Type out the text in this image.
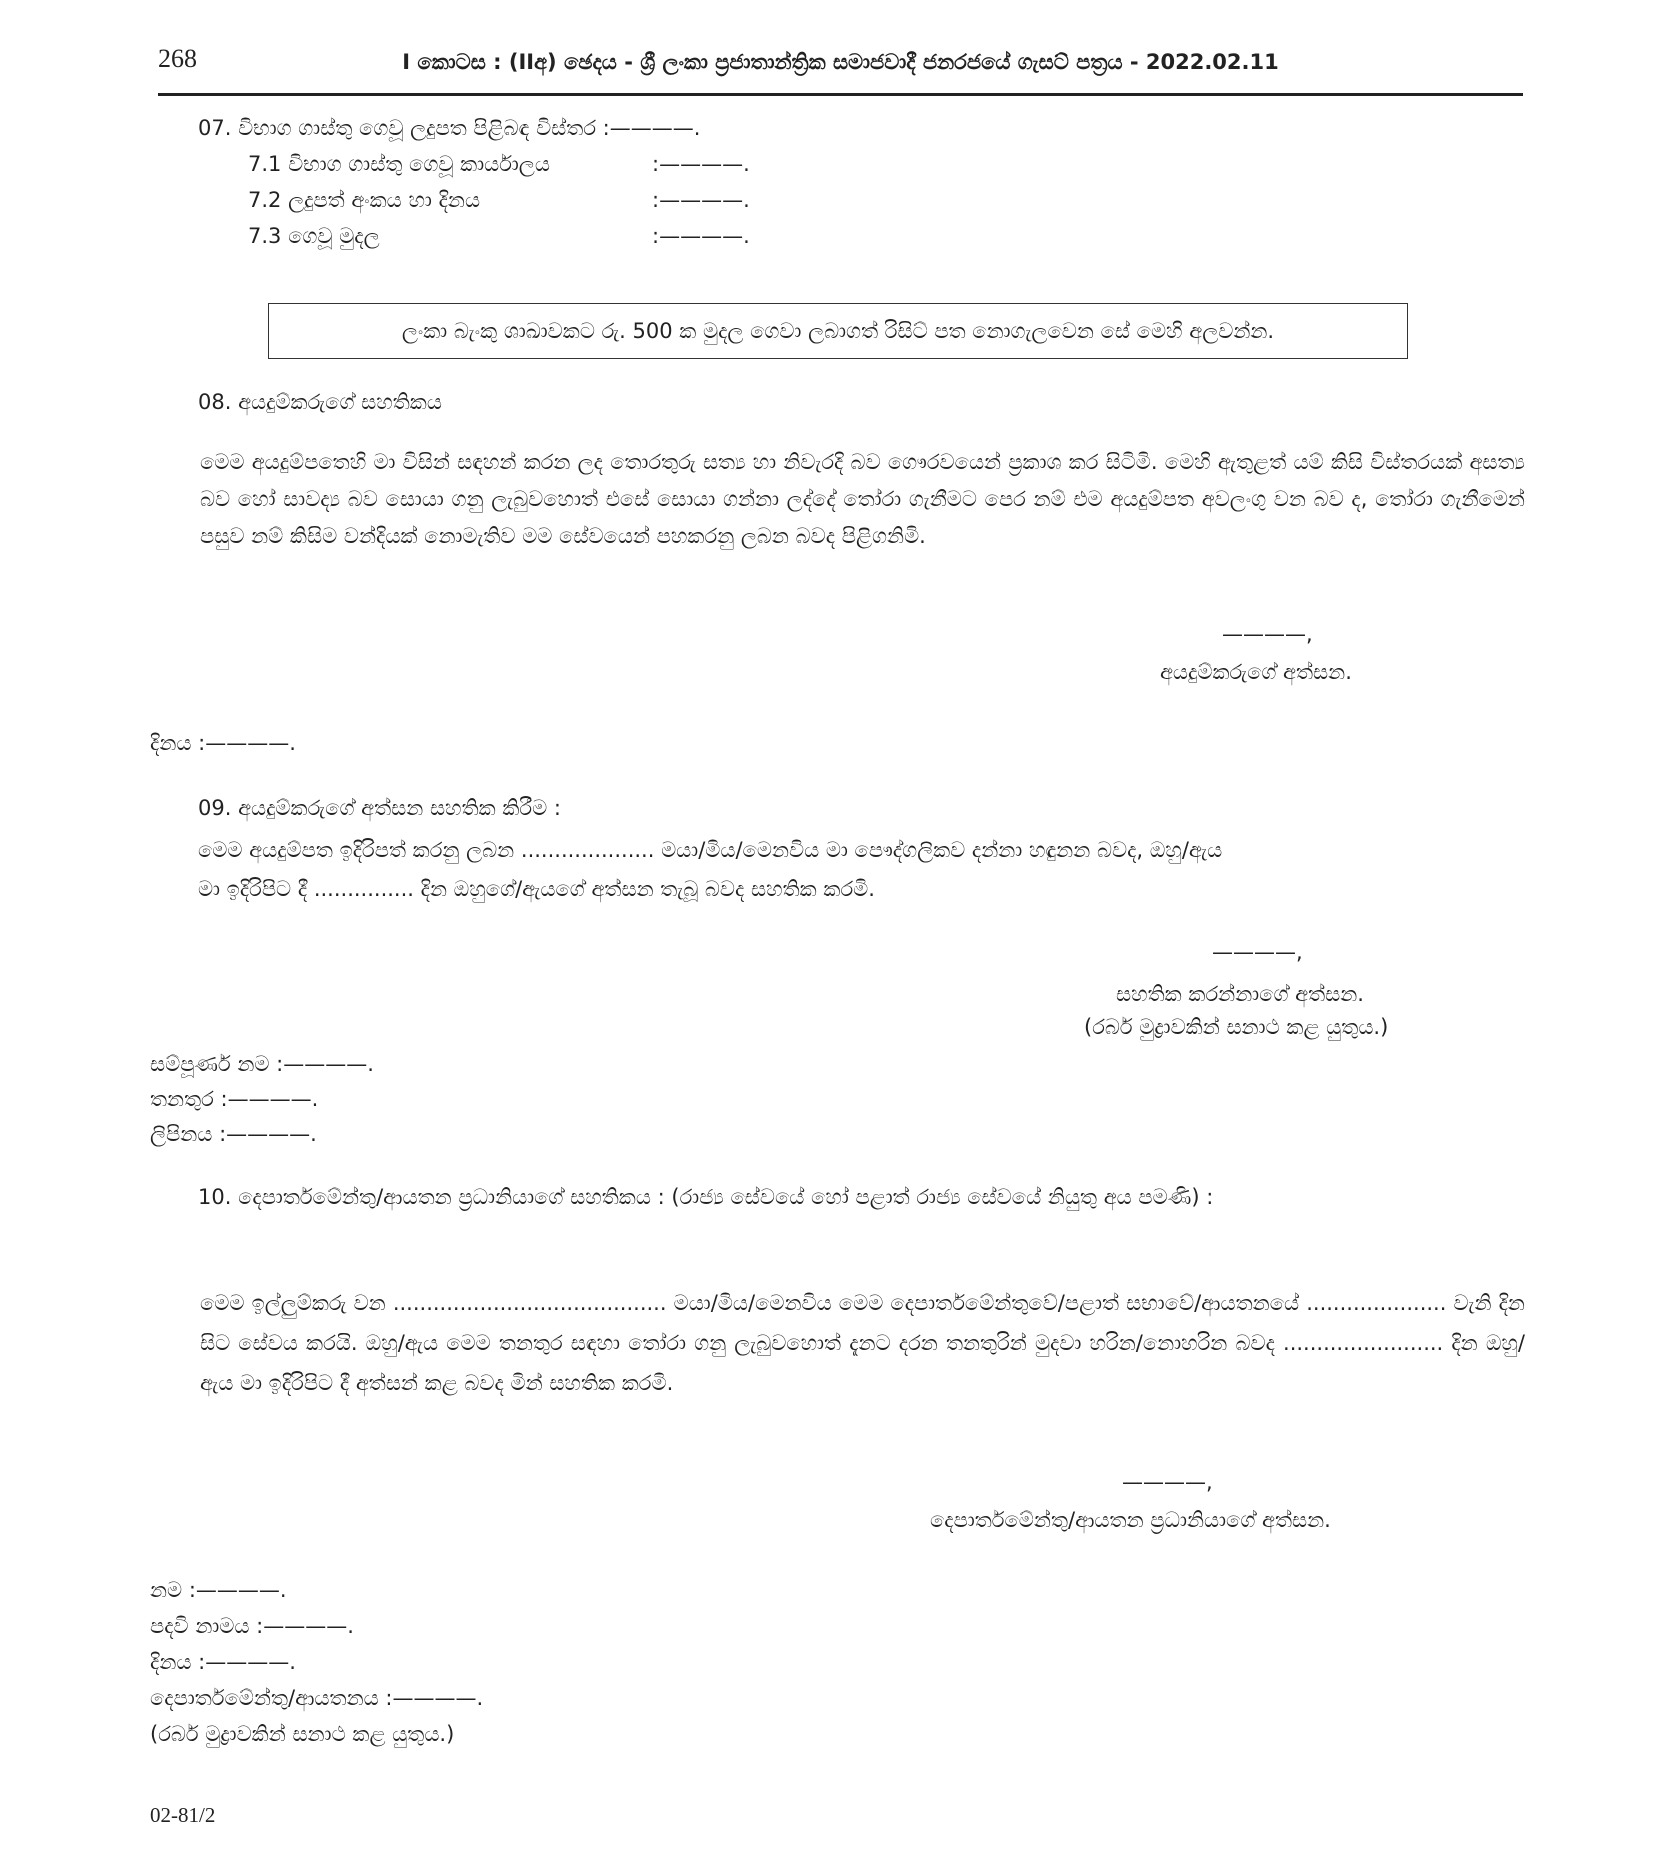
268	I කොටස : (IIඅ) ඡෙදය - ශ්‍රී ලංකා ප්‍රජාතාන්ත්‍රික සමාජවාදී ජනරජයේ ගැසට් පත්‍රය - 2022.02.11
07. විභාග ගාස්තු ගෙවූ ලදුපත පිළිබඳ විස්තර :————.
7.1 විභාග ගාස්තු ගෙවූ කාර්යාලය	:————.
7.2 ලදුපත් අංකය හා දිනය	:————.
7.3 ගෙවූ මුදල	:————.
ලංකා බැංකු ශාඛාවකට රු. 500 ක මුදල ගෙවා ලබාගත් රිසිට් පත නොගැලවෙන සේ මෙහි අලවන්න.
08. අයදුම්කරුගේ සහතිකය
මෙම අයදුම්පතෙහි මා විසින් සඳහන් කරන ලද තොරතුරු සත්‍ය හා නිවැරදි බව ගෞරවයෙන් ප්‍රකාශ කර සිටිමි. මෙහි ඇතුළත් යම් කිසි විස්තරයක් අසත්‍ය බව හෝ සාවද්‍ය බව සොයා ගනු ලැබුවහොත් එසේ සොයා ගන්නා ලද්දේ තෝරා ගැනීමට පෙර නම් එම අයදුම්පත අවලංගු වන බව ද, තෝරා ගැනීමෙන් පසුව නම් කිසිම වන්දියක් නොමැතිව මම සේවයෙන් පහකරනු ලබන බවද පිළිගනිමි.
————,
අයදුම්කරුගේ අත්සන.
දිනය :————.
09. අයදුම්කරුගේ අත්සන සහතික කිරීම :
මෙම අයදුම්පත ඉදිරිපත් කරනු ලබන .................... මයා/මිය/මෙනවිය මා පෞද්ගලිකව දන්නා හඳුනන බවද, ඔහු/ඇය
මා ඉදිරිපිට දී ............... දින ඔහුගේ/ඇයගේ අත්සන තැබූ බවද සහතික කරමි.
————,
සහතික කරන්නාගේ අත්සන.
(රබර් මුද්‍රාවකින් සනාථ කළ යුතුය.)
සම්පූර්ණ නම :————.
තනතුර :————.
ලිපිනය :————.
10. දෙපාර්තමේන්තු/ආයතන ප්‍රධානියාගේ සහතිකය : (රාජ්‍ය සේවයේ හෝ පළාත් රාජ්‍ය සේවයේ නියුතු අය පමණි) :
මෙම ඉල්ලුම්කරු වන ......................................... මයා/මිය/මෙනවිය මෙම දෙපාර්තමේන්තුවේ/පළාත් සභාවේ/ආයතනයේ ..................... වැනි දින සිට සේවය කරයි. ඔහු/ඇය මෙම තනතුර සඳහා තෝරා ගනු ලැබුවහොත් දැනට දරන තනතුරින් මුදවා හරින/නොහරින බවද ........................ දින ඔහු/ඇය මා ඉදිරිපිට දී අත්සන් කළ බවද මින් සහතික කරමි.
————,
දෙපාර්තමේන්තු/ආයතන ප්‍රධානියාගේ අත්සන.
නම :————.
පදවි නාමය :————.
දිනය :————.
දෙපාර්තමේන්තු/ආයතනය :————.
(රබර් මුද්‍රාවකින් සනාථ කළ යුතුය.)
02-81/2
